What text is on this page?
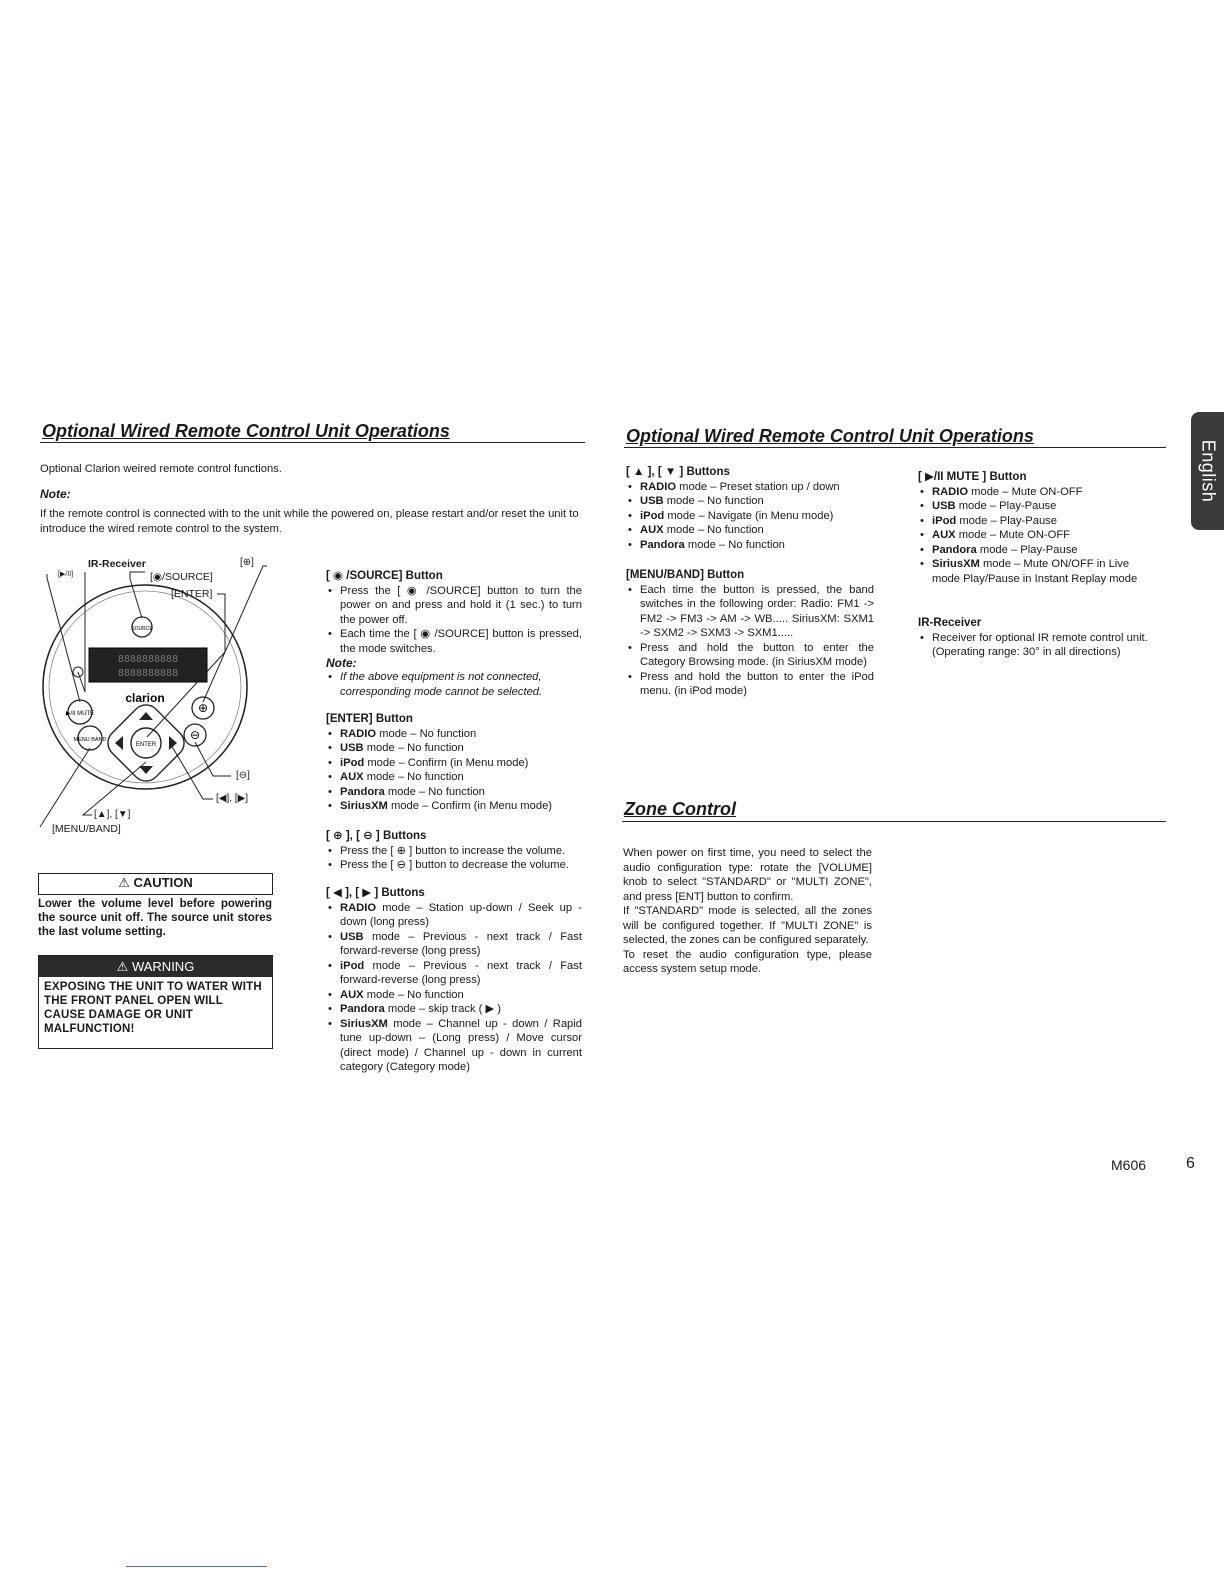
Optional Wired Remote Control Unit Operations
Optional Clarion weired remote control functions.
Note:
If the remote control is connected with to the unit while the powered on, please restart and/or reset the unit to introduce the wired remote control to the system.
8888888888
8888888888
SOURCE
clarion
▶/II MUTE
MENU BAND
⊕
⊖
ENTER
IR-Receiver
[◉/SOURCE]
[ENTER]
[⊕]
[▶/II]
[⊖]
[◀], [▶]
[▲], [▼]
[MENU/BAND]
⚠ CAUTION
Lower the volume level before powering the source unit off. The source unit stores the last volume setting.
⚠ WARNING
EXPOSING THE UNIT TO WATER WITH THE FRONT PANEL OPEN WILL CAUSE DAMAGE OR UNIT MALFUNCTION!
[ ◉ /SOURCE] Button
• Press the [ ◉ /SOURCE] button to turn the power on and press and hold it (1 sec.) to turn the power off.
• Each time the [ ◉ /SOURCE] button is pressed, the mode switches.
Note:
• If the above equipment is not connected, corresponding mode cannot be selected.
[ENTER] Button
• RADIO mode – No function
• USB mode – No function
• iPod mode – Confirm (in Menu mode)
• AUX mode – No function
• Pandora mode – No function
• SiriusXM mode – Confirm (in Menu mode)
[ ⊕ ], [ ⊖ ] Buttons
• Press the [ ⊕ ] button to increase the volume.
• Press the [ ⊖ ] button to decrease the volume.
[ ◀ ], [ ▶ ] Buttons
• RADIO mode – Station up-down / Seek up - down (long press)
• USB mode – Previous - next track / Fast forward-reverse (long press)
• iPod mode – Previous - next track / Fast forward-reverse (long press)
• AUX mode – No function
• Pandora mode – skip track ( ▶ )
• SiriusXM mode – Channel up - down / Rapid tune up-down – (Long press) / Move cursor (direct mode) / Channel up - down in current category (Category mode)
Optional Wired Remote Control Unit Operations
English
[ ▲ ], [ ▼ ] Buttons
• RADIO mode – Preset station up / down
• USB mode – No function
• iPod mode – Navigate (in Menu mode)
• AUX mode – No function
• Pandora mode – No function
[MENU/BAND] Button
• Each time the button is pressed, the band switches in the following order: Radio: FM1 -> FM2 -> FM3 -> AM -> WB..... SiriusXM: SXM1 -> SXM2 -> SXM3 -> SXM1.....
• Press and hold the button to enter the Category Browsing mode. (in SiriusXM mode)
• Press and hold the button to enter the iPod menu. (in iPod mode)
[ ▶/II MUTE ] Button
• RADIO mode – Mute ON-OFF
• USB mode – Play-Pause
• iPod mode – Play-Pause
• AUX mode – Mute ON-OFF
• Pandora mode – Play-Pause
• SiriusXM mode – Mute ON/OFF in Live mode Play/Pause in Instant Replay mode
IR-Receiver
• Receiver for optional IR remote control unit. (Operating range: 30° in all directions)
Zone Control
When power on first time, you need to select the audio configuration type: rotate the [VOLUME] knob to select "STANDARD" or "MULTI ZONE", and press [ENT] button to confirm.
If "STANDARD" mode is selected, all the zones will be configured together. If "MULTI ZONE" is selected, the zones can be configured separately.
To reset the audio configuration type, please access system setup mode.
M606 6
